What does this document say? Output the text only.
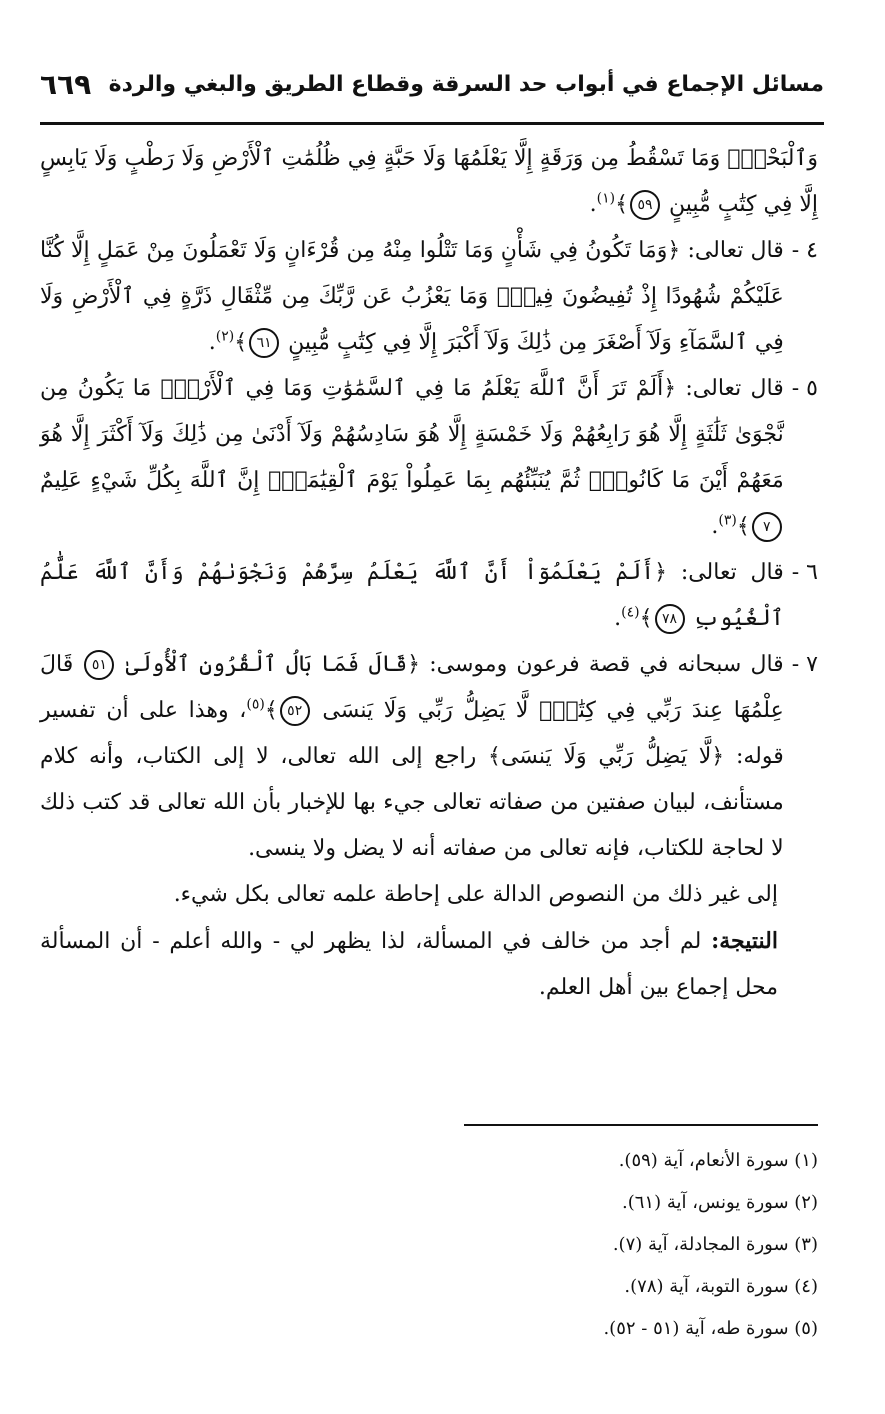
مسائل الإجماع في أبواب حد السرقة وقطاع الطريق والبغي والردة
٦٦٩

وَٱلْبَحْرِۚ وَمَا تَسْقُطُ مِن وَرَقَةٍ إِلَّا يَعْلَمُهَا وَلَا حَبَّةٍ فِي ظُلُمَٰتِ ٱلْأَرْضِ وَلَا رَطْبٍ وَلَا يَابِسٍ إِلَّا فِي كِتَٰبٍ مُّبِينٍ ٥٩﴾$^{(١)}$.

٤ -
قال تعالى: ﴿وَمَا تَكُونُ فِي شَأْنٍ وَمَا تَتْلُوا مِنْهُ مِن قُرْءَانٍ وَلَا تَعْمَلُونَ مِنْ عَمَلٍ إِلَّا كُنَّا عَلَيْكُمْ شُهُودًا إِذْ تُفِيضُونَ فِيهِۚ وَمَا يَعْزُبُ عَن رَّبِّكَ مِن مِّثْقَالِ ذَرَّةٍ فِي ٱلْأَرْضِ وَلَا فِي ٱلسَّمَآءِ وَلَآ أَصْغَرَ مِن ذَٰلِكَ وَلَآ أَكْبَرَ إِلَّا فِي كِتَٰبٍ مُّبِينٍ ٦١﴾$^{(٢)}$.
٥ -
قال تعالى: ﴿أَلَمْ تَرَ أَنَّ ٱللَّهَ يَعْلَمُ مَا فِي ٱلسَّمَٰوَٰتِ وَمَا فِي ٱلْأَرْضِۖ مَا يَكُونُ مِن نَّجْوَىٰ ثَلَٰثَةٍ إِلَّا هُوَ رَابِعُهُمْ وَلَا خَمْسَةٍ إِلَّا هُوَ سَادِسُهُمْ وَلَآ أَدْنَىٰ مِن ذَٰلِكَ وَلَآ أَكْثَرَ إِلَّا هُوَ مَعَهُمْ أَيْنَ مَا كَانُواْۖ ثُمَّ يُنَبِّئُهُم بِمَا عَمِلُواْ يَوْمَ ٱلْقِيَٰمَةِۚ إِنَّ ٱللَّهَ بِكُلِّ شَيْءٍ عَلِيمٌ ٧﴾$^{(٣)}$.
٦ -
قال تعالى: ﴿أَلَمْ يَعْلَمُوٓاْ أَنَّ ٱللَّهَ يَعْلَمُ سِرَّهُمْ وَنَجْوَىٰهُمْ وَأَنَّ ٱللَّهَ عَلَّٰمُ ٱلْغُيُوبِ ٧٨﴾$^{(٤)}$.
٧ -
قال سبحانه في قصة فرعون وموسى: ﴿قَالَ فَمَا بَالُ ٱلْقُرُونِ ٱلْأُولَىٰ ٥١ قَالَ عِلْمُهَا عِندَ رَبِّي فِي كِتَٰبٍۖ لَّا يَضِلُّ رَبِّي وَلَا يَنسَى ٥٢﴾$^{(٥)}$، وهذا على أن تفسير قوله: ﴿لَّا يَضِلُّ رَبِّي وَلَا يَنسَى﴾ راجع إلى الله تعالى، لا إلى الكتاب، وأنه كلام مستأنف، لبيان صفتين من صفاته تعالى جيء بها للإخبار بأن الله تعالى قد كتب ذلك لا لحاجة للكتاب، فإنه تعالى من صفاته أنه لا يضل ولا ينسى.

إلى غير ذلك من النصوص الدالة على إحاطة علمه تعالى بكل شيء.

النتيجة: لم أجد من خالف في المسألة، لذا يظهر لي - والله أعلم - أن المسألة محل إجماع بين أهل العلم.

(١) سورة الأنعام، آية (٥٩).
(٢) سورة يونس، آية (٦١).
(٣) سورة المجادلة، آية (٧).
(٤) سورة التوبة، آية (٧٨).
(٥) سورة طه، آية (٥١ - ٥٢).
